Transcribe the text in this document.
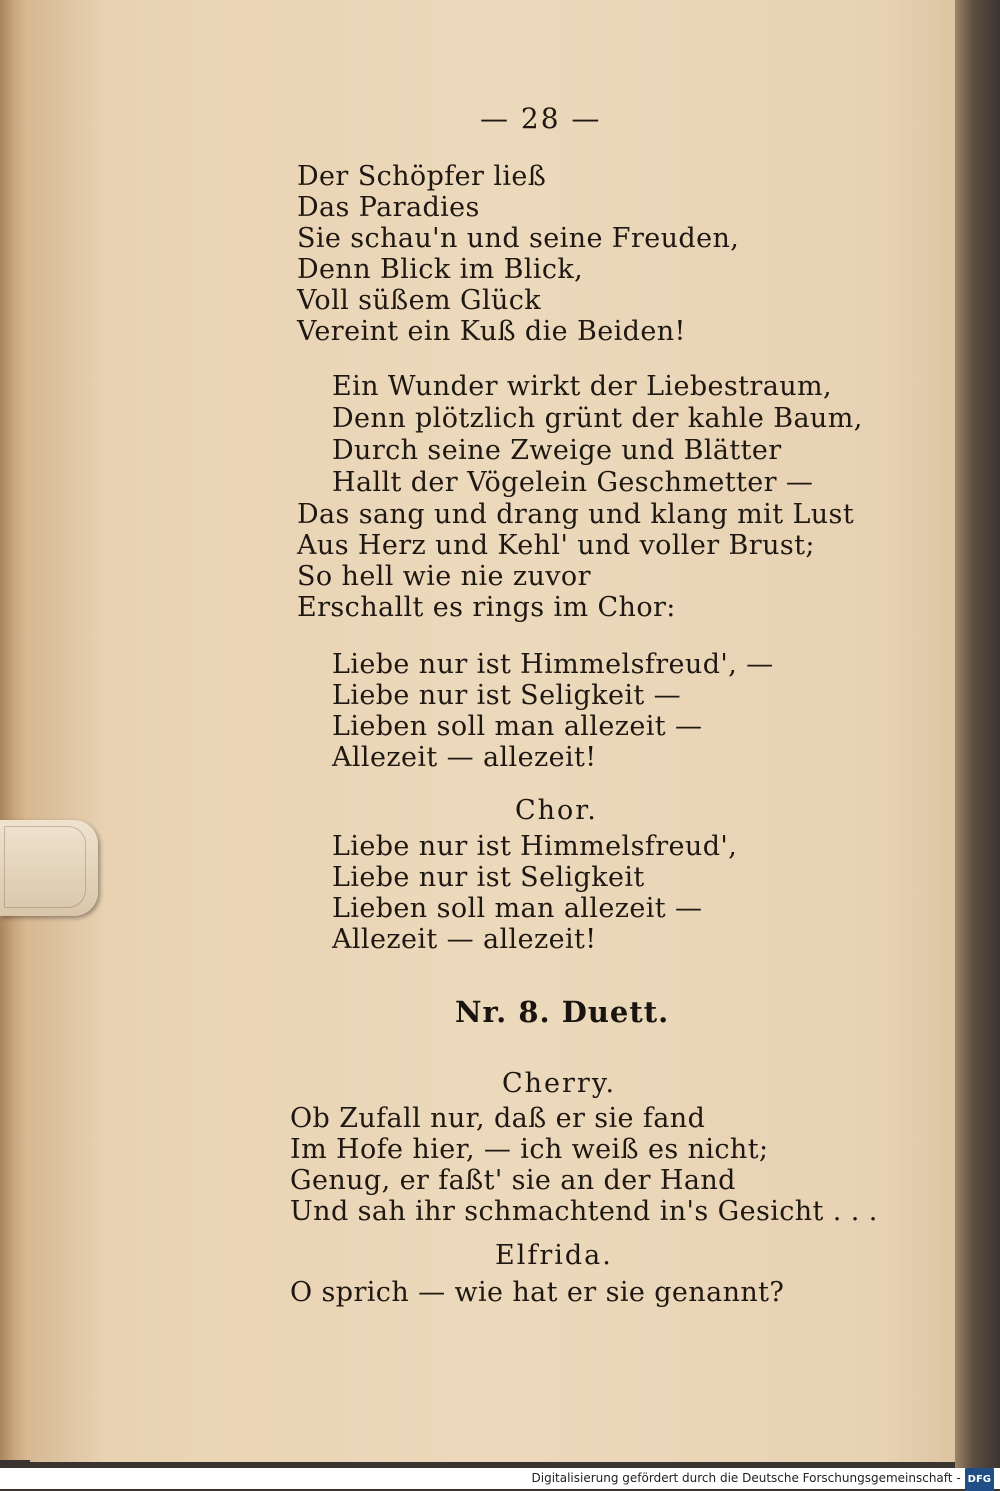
— 28 —
Der Schöpfer ließ
Das Paradies
Sie schau'n und seine Freuden,
Denn Blick im Blick,
Voll süßem Glück
Vereint ein Kuß die Beiden!
Ein Wunder wirkt der Liebestraum,
Denn plötzlich grünt der kahle Baum,
Durch seine Zweige und Blätter
Hallt der Vögelein Geschmetter —
Das sang und drang und klang mit Lust
Aus Herz und Kehl' und voller Brust;
So hell wie nie zuvor
Erschallt es rings im Chor:
Liebe nur ist Himmelsfreud', —
Liebe nur ist Seligkeit —
Lieben soll man allezeit —
Allezeit — allezeit!
Chor.
Liebe nur ist Himmelsfreud',
Liebe nur ist Seligkeit
Lieben soll man allezeit —
Allezeit — allezeit!
Nr. 8. Duett.
Cherry.
Ob Zufall nur, daß er sie fand
Im Hofe hier, — ich weiß es nicht;
Genug, er faßt' sie an der Hand
Und sah ihr schmachtend in's Gesicht . . .
Elfrida.
O sprich — wie hat er sie genannt?
Digitalisierung gefördert durch die Deutsche Forschungsgemeinschaft - DFG
